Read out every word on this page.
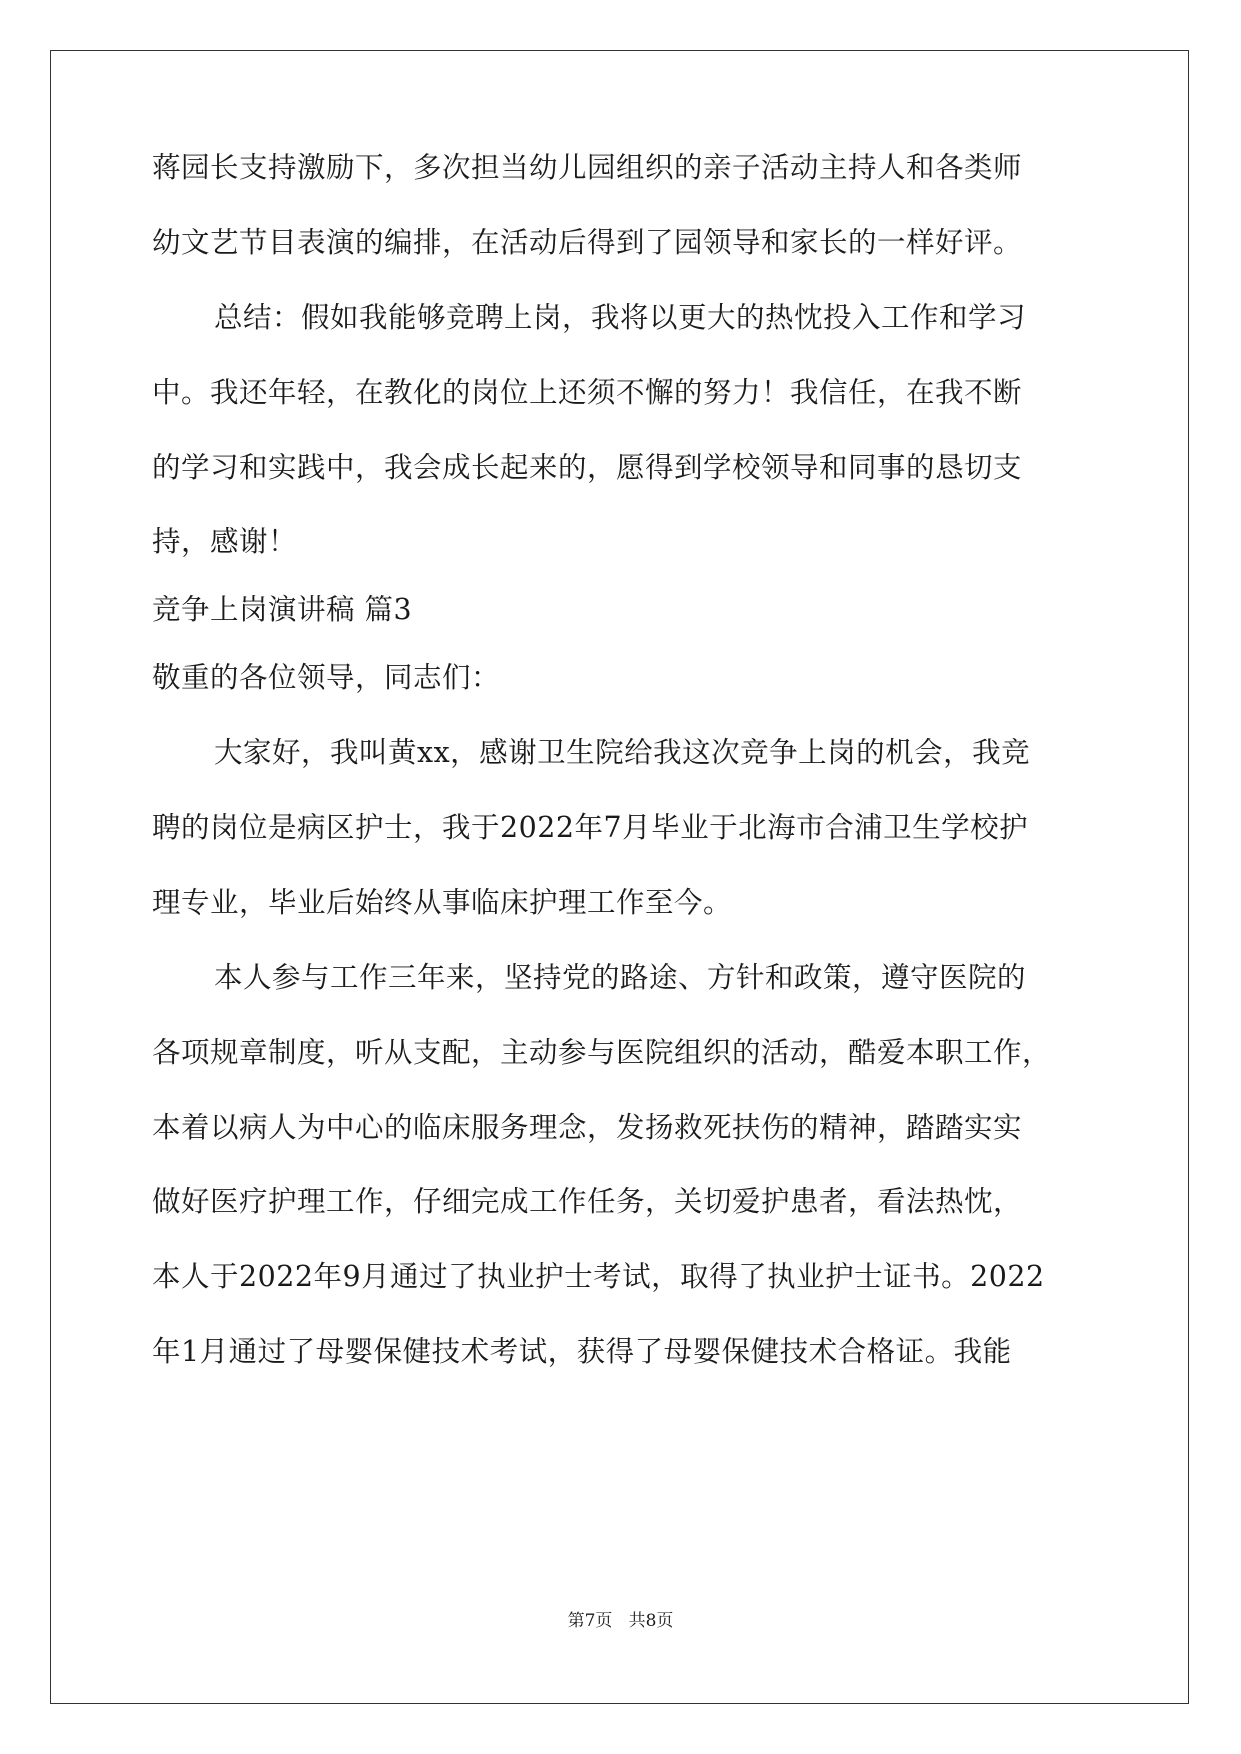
蒋园长支持激励下，多次担当幼儿园组织的亲子活动主持人和各类师
幼文艺节目表演的编排，在活动后得到了园领导和家长的一样好评。
总结：假如我能够竞聘上岗，我将以更大的热忱投入工作和学习
中。我还年轻，在教化的岗位上还须不懈的努力！我信任，在我不断
的学习和实践中，我会成长起来的，愿得到学校领导和同事的恳切支
持，感谢！
竞争上岗演讲稿 篇3
敬重的各位领导，同志们：
大家好，我叫黄xx，感谢卫生院给我这次竞争上岗的机会，我竞
聘的岗位是病区护士，我于2022年7月毕业于北海市合浦卫生学校护
理专业，毕业后始终从事临床护理工作至今。
本人参与工作三年来，坚持党的路途、方针和政策，遵守医院的
各项规章制度，听从支配，主动参与医院组织的活动，酷爱本职工作，
本着以病人为中心的临床服务理念，发扬救死扶伤的精神，踏踏实实
做好医疗护理工作，仔细完成工作任务，关切爱护患者，看法热忱，
本人于2022年9月通过了执业护士考试，取得了执业护士证书。2022
年1月通过了母婴保健技术考试，获得了母婴保健技术合格证。我能
第7页   共8页
